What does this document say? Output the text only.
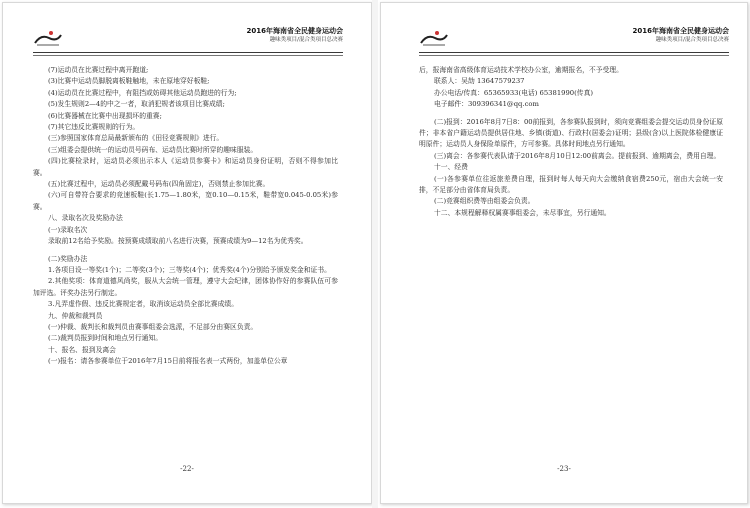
2016年海南省全民健身运动会
趣味类项目/混合类项目总决赛

(7)运动员在比赛过程中离开跑道;

(3)比赛中运动员脚脱离板鞋触地，未在原地穿好板鞋;

(4)运动员在比赛过程中，有阻挡或妨碍其他运动员跑进的行为;

(5)发生规则2—4的中之一者，取消犯规者该项目比赛成绩;

(6)比赛器械在比赛中出现损坏的重赛;

(7)其它违反比赛规则的行为。

(三)参照国家体育总局最新颁布的《田径竞赛规则》进行。

(三)组委会提供统一的运动员号码布、运动员比赛时所穿的趣味服装。

(四)比赛检录时，运动员必须出示本人《运动员参赛卡》和运动员身份证明，否则不得参加比赛。

(五)比赛过程中，运动员必须配戴号码布(四角固定)，否则禁止参加比赛。

(六)可自带符合要求的竞速板鞋(长1.75—1.80米，宽0.10—0.15米，鞋带宽0.045-0.05米)参赛。

八、录取名次及奖励办法

(一)录取名次

录取前12名给予奖励。按预赛成绩取前八名进行决赛，预赛成绩为9—12名为优秀奖。

(二)奖励办法

1.各项目设一等奖(1个)；二等奖(3个)；三等奖(4个)；优秀奖(4个)分别给予颁发奖金和证书。

2.其他奖项：体育道德风尚奖，服从大会统一管理，遵守大会纪律，团体协作好的参赛队伍可参加评选。评奖办法另行制定。

3.凡弄虚作假、违反比赛规定者，取消该运动员全部比赛成绩。

九、仲裁和裁判员

(一)仲裁、裁判长和裁判员由赛事组委会选派，不足部分由赛区负责。

(二)裁判员报到时间和地点另行通知。

十、报名、报到及离会

(一)报名：请各参赛单位于2016年7月15日前将报名表一式两份，加盖单位公章

-22-
2016年海南省全民健身运动会
趣味类项目/混合类项目总决赛

后，报海南省高级体育运动技术学校办公室，逾期报名，不予受理。

联系人：吴劼 13647579237

办公电话/传真：65365933(电话) 65381990(传真)

电子邮件：309396341@qq.com

(二)报到：2016年8月7日8：00前报到，各参赛队报到时，须向竞赛组委会提交运动员身份证原件；非本省户籍运动员提供居住地、乡镇(街道)、行政村(居委会)证明；县级(含)以上医院体检健康证明原件；运动员人身保险单原件，方可参赛。具体时间地点另行通知。

(三)离会：各参赛代表队请于2016年8月10日12:00前离会。提前报到、逾期离会，费用自理。

十一、经费

(一)各参赛单位往返旅差费自理，报到时每人每天向大会缴纳食宿费250元，宿由大会统一安排，不足部分由省体育局负责。

(二)竞赛组织费等由组委会负责。

十二、本规程解释权属赛事组委会，未尽事宜，另行通知。

-23-
